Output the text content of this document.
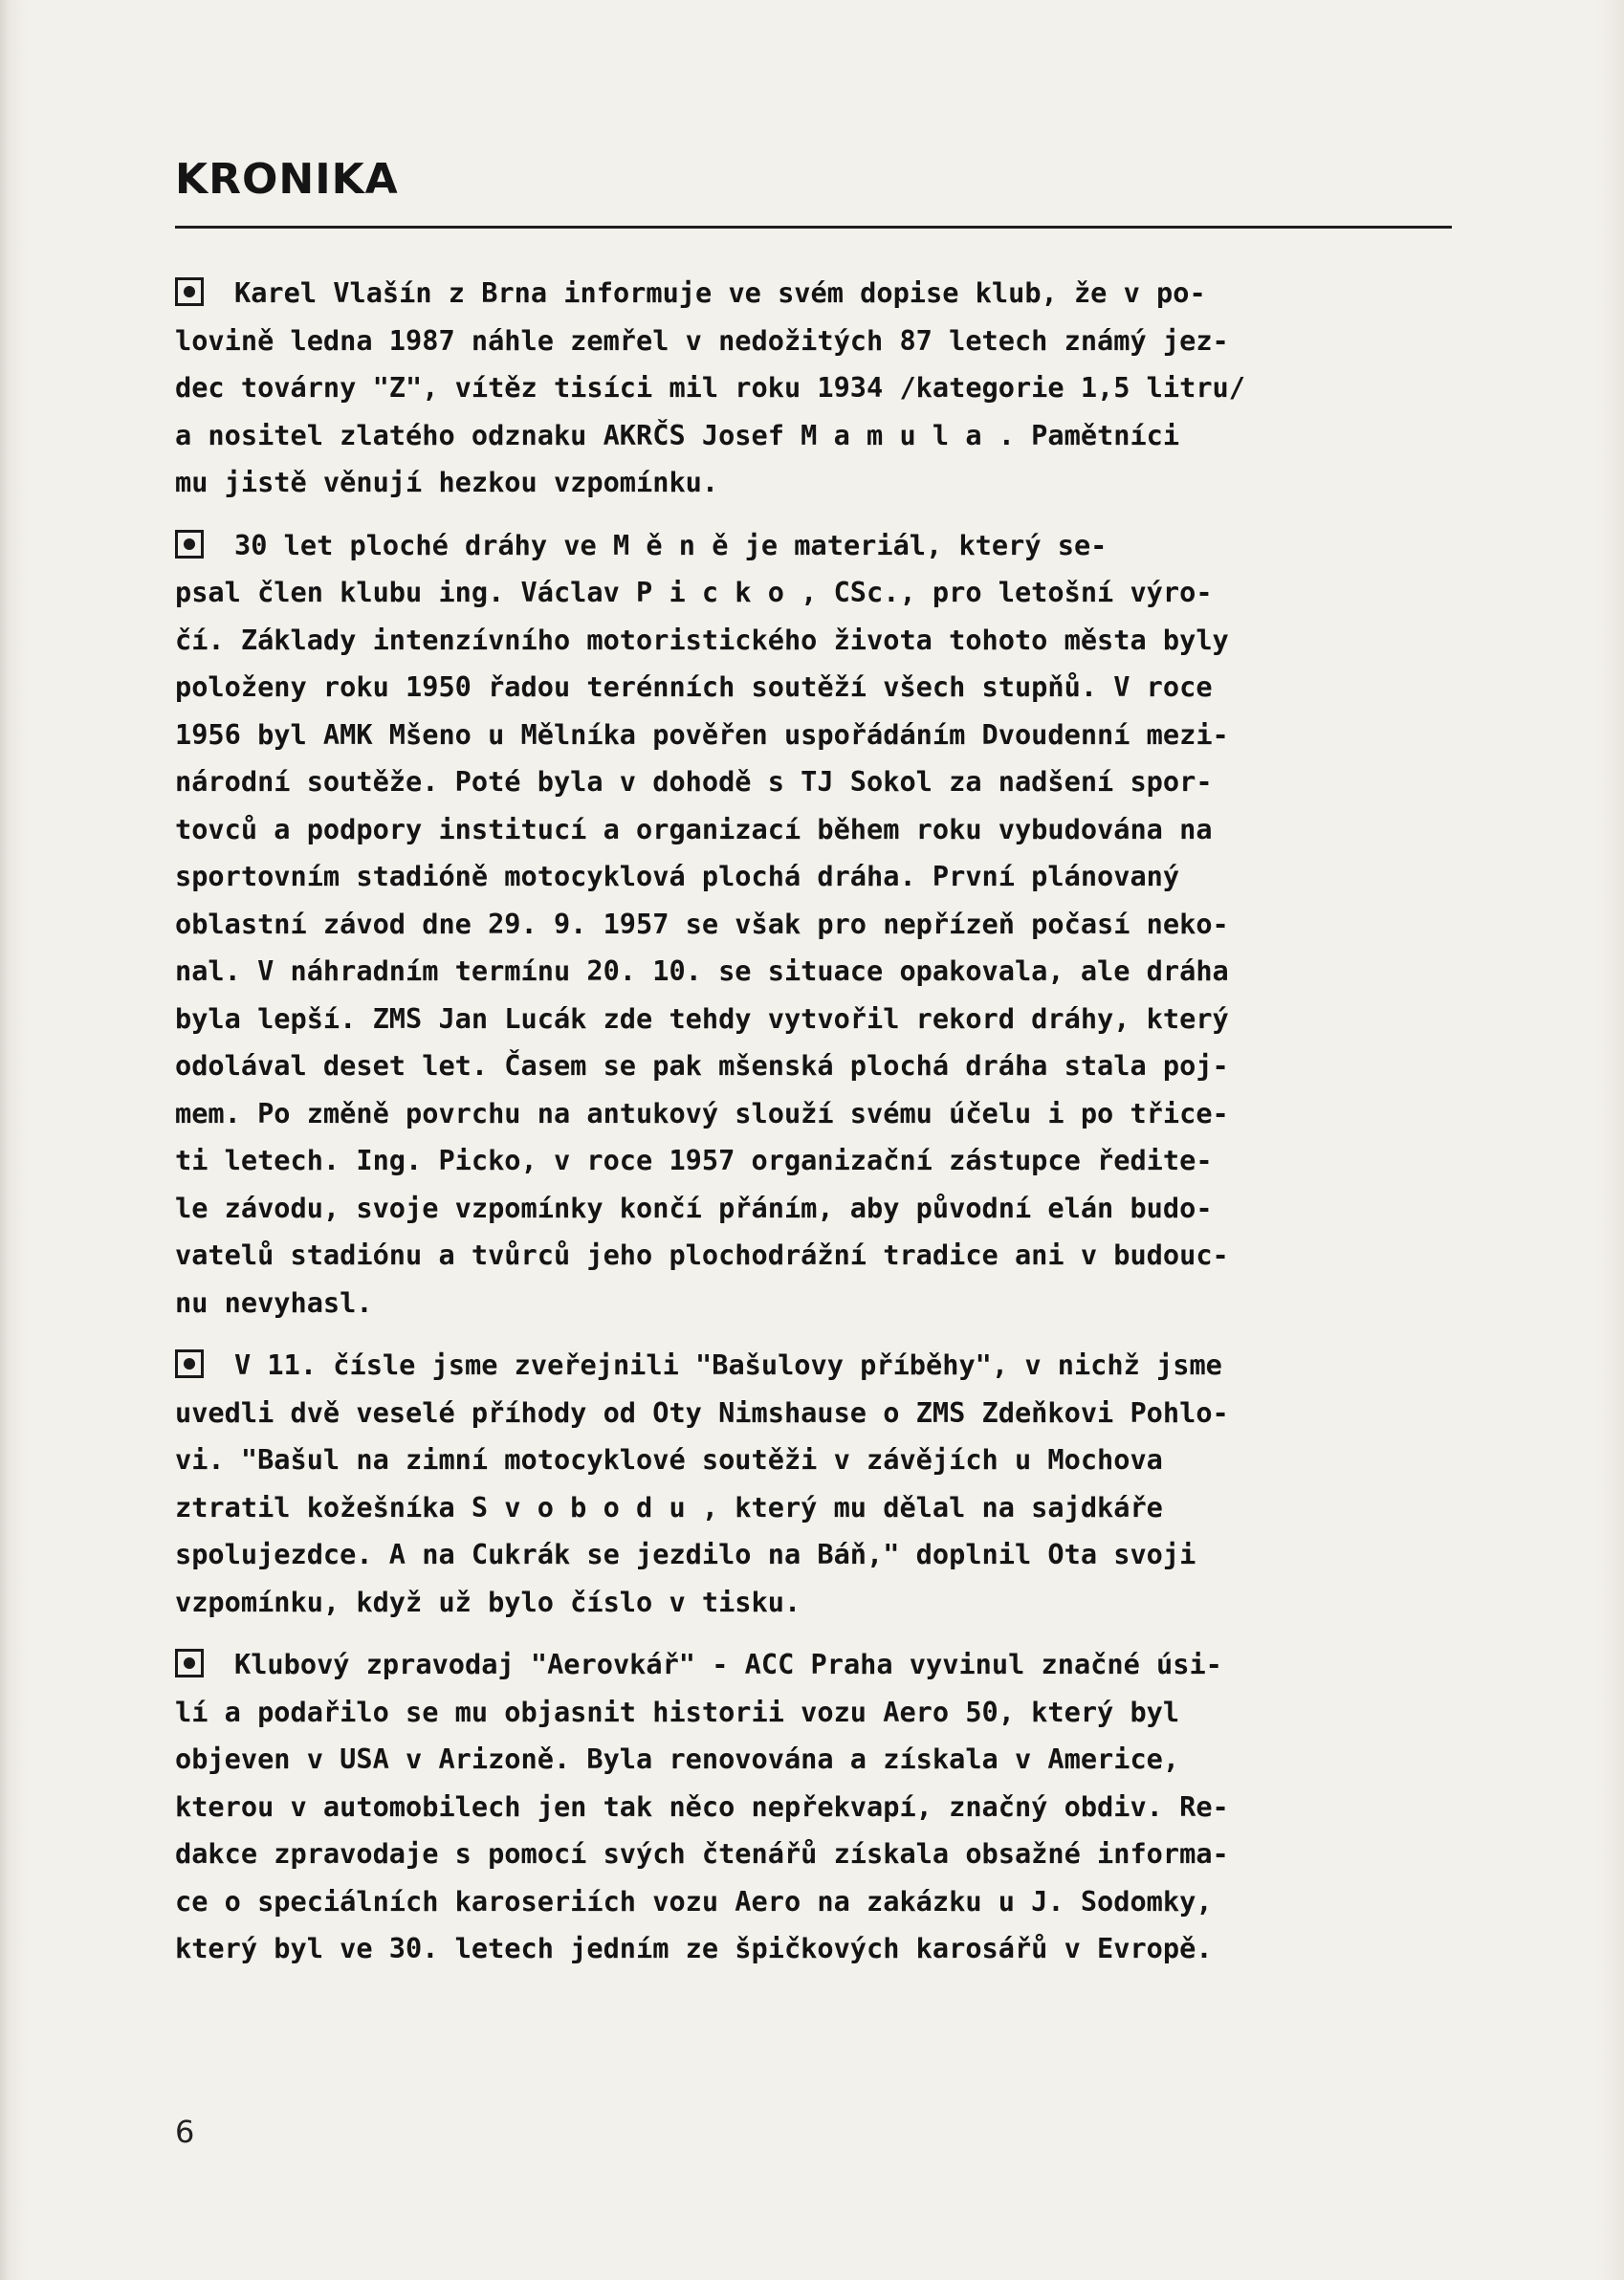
KRONIKA
Karel Vlašín z Brna informuje ve svém dopise klub, že v po-
lovině ledna 1987 náhle zemřel v nedožitých 87 letech známý jez-
dec továrny "Z", vítěz tisíci mil roku 1934 /kategorie 1,5 litru/
a nositel zlatého odznaku AKRČS Josef M a m u l a . Pamětníci
mu jistě věnují hezkou vzpomínku.
30 let ploché dráhy ve M ě n ě je materiál, který se-
psal člen klubu ing. Václav P i c k o , CSc., pro letošní výro-
čí. Základy intenzívního motoristického života tohoto města byly
položeny roku 1950 řadou terénních soutěží všech stupňů. V roce
1956 byl AMK Mšeno u Mělníka pověřen uspořádáním Dvoudenní mezi-
národní soutěže. Poté byla v dohodě s TJ Sokol za nadšení spor-
tovců a podpory institucí a organizací během roku vybudována na
sportovním stadióně motocyklová plochá dráha. První plánovaný
oblastní závod dne 29. 9. 1957 se však pro nepřízeň počasí neko-
nal. V náhradním termínu 20. 10. se situace opakovala, ale dráha
byla lepší. ZMS Jan Lucák zde tehdy vytvořil rekord dráhy, který
odolával deset let. Časem se pak mšenská plochá dráha stala poj-
mem. Po změně povrchu na antukový slouží svému účelu i po třice-
ti letech. Ing. Picko, v roce 1957 organizační zástupce ředite-
le závodu, svoje vzpomínky končí přáním, aby původní elán budo-
vatelů stadiónu a tvůrců jeho plochodrážní tradice ani v budouc-
nu nevyhasl.
V 11. čísle jsme zveřejnili "Bašulovy příběhy", v nichž jsme
uvedli dvě veselé příhody od Oty Nimshause o ZMS Zdeňkovi Pohlo-
vi. "Bašul na zimní motocyklové soutěži v závějích u Mochova
ztratil kožešníka S v o b o d u , který mu dělal na sajdkáře
spolujezdce. A na Cukrák se jezdilo na Báň," doplnil Ota svoji
vzpomínku, když už bylo číslo v tisku.
Klubový zpravodaj "Aerovkář" - ACC Praha vyvinul značné úsi-
lí a podařilo se mu objasnit historii vozu Aero 50, který byl
objeven v USA v Arizoně. Byla renovována a získala v Americe,
kterou v automobilech jen tak něco nepřekvapí, značný obdiv. Re-
dakce zpravodaje s pomocí svých čtenářů získala obsažné informa-
ce o speciálních karoseriích vozu Aero na zakázku u J. Sodomky,
který byl ve 30. letech jedním ze špičkových karosářů v Evropě.
6
